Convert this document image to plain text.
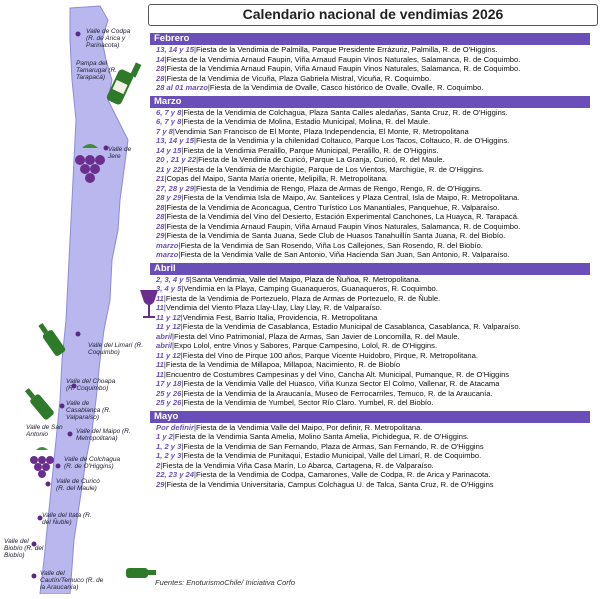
Valle de Codpa (R. de Arica y Parinacota)
Pampa del Tamarugal (R. Tarapacá)
Valle de Jere
Valle del Limarí (R. Coquimbo)
Valle del Choapa (R. Coquimbo)
Valle de Casablanca (R. Valparaíso)
Valle de San Antonio	Valle del Maipo (R. Metropolitana)
Valle de Colchagua (R. de O'Higgins)
Valle de Curicó (R. del Maule)
Valle del Itata (R. del Ñuble)
Valle del Biobío (R. del Biobío)
Valle del Cautín/Temuco (R. de la Araucanía)
Calendario nacional de vendimias 2026
Febrero
13, 14 y 15|Fiesta de la Vendimia de Palmilla, Parque Presidente Errázuriz, Palmilla, R. de O'Higgins.
14|Fiesta de la Vendimia Arnaud Faupin, Viña Arnaud Faupin Vinos Naturales, Salamanca, R. de Coquimbo.
28|Fiesta de la Vendimia Arnaud Faupin, Viña Arnaud Faupin Vinos Naturales, Salamanca, R. de Coquimbo.
28|Fiesta de la Vendimia de Vicuña, Plaza Gabriela Mistral, Vicuña, R. Coquimbo.
28 al 01 marzo|Fiesta de la Vendimia de Ovalle, Casco histórico de Ovalle, Ovalle, R. Coquimbo.
Marzo
6, 7 y 8|Fiesta de la Vendimia de Colchagua, Plaza Santa Calles aledañas, Santa Cruz, R. de O'Higgins.
6, 7 y 8|Fiesta de la Vendimia de Molina, Estadio Municipal, Molina, R. del Maule.
7 y 8|Vendimia San Francisco de El Monte, Plaza Independencia, El Monte, R. Metropolitana
13, 14 y 15|Fiesta de la Vendimia y la chilenidad Coltauco, Parque Los Tacos, Coltauco, R. de O'Higgins.
14 y 15|Fiesta de la Vendimia Peralillo, Parque Municipal, Peralillo, R. de O'Higgins.
20 , 21 y 22|Fiesta de la Vendimia de Curicó, Parque La Granja, Curicó, R. del Maule.
21 y 22|Fiesta de la Vendimia de Marchigüe, Parque de Los Vientos, Marchigüe, R. de O'Higgins.
21|Copas del Maipo, Santa María oriente, Melipilla, R. Metropolitana.
27, 28 y 29|Fiesta de la Vendimia de Rengo, Plaza de Armas de Rengo, Rengo, R. de O'Higgins.
28 y 29|Fiesta de la Vendimia Isla de Maipo, Av. Santelices y Plaza Central, Isla de Maipo, R. Metropolitana.
28|Fiesta de la Vendimia de Aconcagua, Centro Turístico Los Manantiales, Panquehue, R. Valparaíso.
28|Fiesta de la Vendimia del Vino del Desierto, Estación Experimental Canchones, La Huayca, R. Tarapacá.
28|Fiesta de la Vendimia Arnaud Faupin, Viña Arnaud Faupin Vinos Naturales, Salamanca, R. de Coquimbo.
29|Fiesta de la Vendimia de Santa Juana, Sede Club de Huasos Tanahuillín Santa Juana, R. del Biobío.
marzo|Fiesta de la Vendimia de San Rosendo, Viña Los Callejones, San Rosendo, R. del Biobío.
marzo|Fiesta de la Vendimia Valle de San Antonio, Viña Hacienda San Juan, San Antonio, R. Valparaíso.
Abril
2, 3, 4 y 5|Santa Vendimia, Valle del Maipo, Plaza de Ñuñoa, R. Metropolitana.
3, 4 y 5|Vendimia en la Playa, Camping Guanaqueros, Guanaqueros, R. Coquimbo.
11|Fiesta de la Vendimia de Portezuelo, Plaza de Armas de Portezuelo, R. de Ñuble.
11|Vendimia del Viento Plaza Llay-Llay, Llay Llay, R. de Valparaíso.
11 y 12|Vendimia Fest, Barrio Italia, Providencia, R. Metropolitana
11 y 12|Fiesta de la Vendimia de Casablanca, Estadio Municipal de Casablanca, Casablanca, R. Valparaíso.
abril|Fiesta del Vino Patrimonial, Plaza de Armas, San Javier de Loncomilla, R. del Maule.
abril|Expo Lolol, entre Vinos y Sabores, Parque Campesino, Lolol, R. de O'Higgins.
11 y 12|Fiesta del Vino de Pirque 100 años, Parque Vicente Huidobro, Pirque, R. Metropolitana.
11|Fiesta de la Vendimia de Millapoa, Millapoa, Nacimiento, R. de Biobío
11|Encuentro de Costumbres Campesinas y del Vino, Cancha Alt. Municipal, Pumanque, R. de O'Higgins
17 y 18|Fiesta de la Vendimia Valle del Huasco, Viña Kunza Sector El Colmo, Vallenar, R. de Atacama
25 y 26|Fiesta de la Vendimia de la Araucanía, Museo de Ferrocarriles, Temuco, R. de la Araucanía.
25 y 26|Fiesta de la Vendimia de Yumbel, Sector Río Claro. Yumbel, R. del Biobío.
Mayo
Por definir|Fiesta de la Vendimia Valle del Maipo, Por definir, R. Metropolitana.
1 y 2|Fiesta de la Vendimia Santa Amelia, Molino Santa Amelia, Pichidegua, R. de O'Higgins.
1, 2 y 3|Fiesta de la Vendimia de San Fernando, Plaza de Armas, San Fernando, R. de O'Higgins
1, 2 y 3|Fiesta de la Vendimia de Punitaqui, Estadio Municipal, Valle del Limarí, R. de Coquimbo.
2|Fiesta de la Vendimia Viña Casa Marín, Lo Abarca, Cartagena, R. de Valparaíso.
22, 23 y 24|Fiesta de la Vendimia de Codpa, Camarones, Valle de Codpa, R. de Arica y Parinacota.
29|Fiesta de la Vendimia Universitaria, Campus Colchagua U. de Talca, Santa Cruz, R. de O'Higgins
Fuentes: EnoturismoChile/ Iniciativa Corfo
